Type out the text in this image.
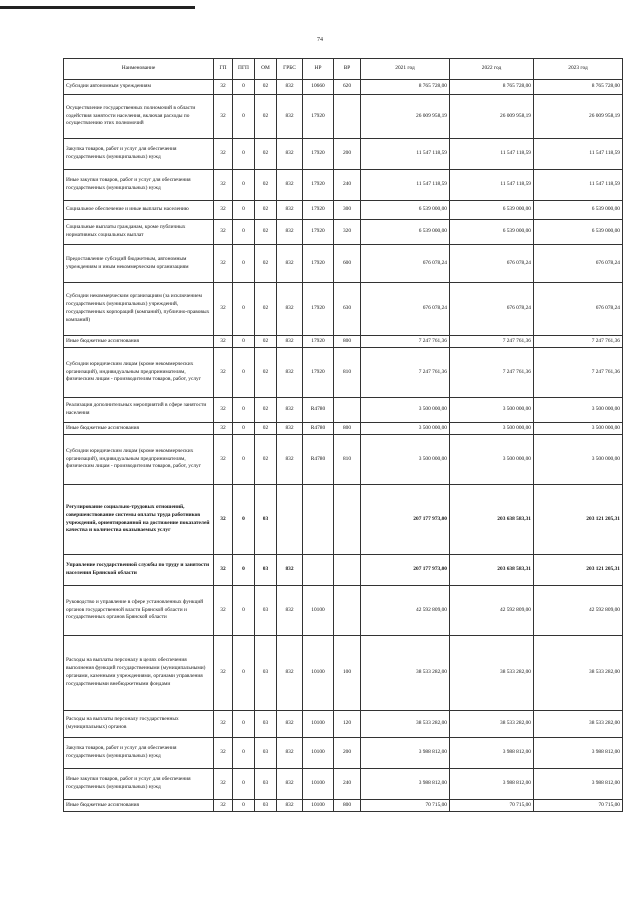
74
Наименование	ГП	ПГП	ОМ	ГРБС	НР	ВР	2021 год	2022 год	2023 год
Субсидии автономным учреждениям	32	0	02	832	10660	620	8 765 728,00	8 765 728,00	8 765 728,00
Осуществление государственных полномочий в области содействия занятости населения, включая расходы по осуществлению этих полномочий	32	0	02	832	17920		26 009 958,19	26 009 958,19	26 009 958,19
Закупка товаров, работ и услуг для обеспечения государственных (муниципальных) нужд	32	0	02	832	17920	200	11 547 118,59	11 547 118,59	11 547 118,59
Иные закупки товаров, работ и услуг для обеспечения государственных (муниципальных) нужд	32	0	02	832	17920	240	11 547 118,59	11 547 118,59	11 547 118,59
Социальное обеспечение и иные выплаты населению	32	0	02	832	17920	300	6 539 000,00	6 539 000,00	6 539 000,00
Социальные выплаты гражданам, кроме публичных нормативных социальных выплат	32	0	02	832	17920	320	6 539 000,00	6 539 000,00	6 539 000,00
Предоставление субсидий бюджетным, автономным учреждениям и иным некоммерческим организациям	32	0	02	832	17920	600	676 078,24	676 078,24	676 078,24
Субсидии некоммерческим организациям (за исключением государственных (муниципальных) учреждений, государственных корпораций (компаний), публично-правовых компаний)	32	0	02	832	17920	630	676 078,24	676 078,24	676 078,24
Иные бюджетные ассигнования	32	0	02	832	17920	800	7 247 761,36	7 247 761,36	7 247 761,36
Субсидии юридическим лицам (кроме некоммерческих организаций), индивидуальным предпринимателям, физическим лицам - производителям товаров, работ, услуг	32	0	02	832	17920	810	7 247 761,36	7 247 761,36	7 247 761,36
Реализация дополнительных мероприятий в сфере занятости населения	32	0	02	832	R4780		3 500 000,00	3 500 000,00	3 500 000,00
Иные бюджетные ассигнования	32	0	02	832	R4780	800	3 500 000,00	3 500 000,00	3 500 000,00
Субсидии юридическим лицам (кроме некоммерческих организаций), индивидуальным предпринимателям, физическим лицам - производителям товаров, работ, услуг	32	0	02	832	R4780	810	3 500 000,00	3 500 000,00	3 500 000,00
Регулирование социально-трудовых отношений, совершенствование системы оплаты труда работников учреждений, ориентированной на достижение показателей качества и количества оказываемых услуг	32	0	03				207 177 973,00	203 638 583,31	203 121 205,31
Управление государственной службы по труду и занятости населения Брянской области	32	0	03	832			207 177 973,00	203 638 583,31	203 121 205,31
Руководство и управление в сфере установленных функций органов государственной власти Брянской области и государственных органов Брянской области	32	0	03	832	10100		42 592 809,00	42 592 809,00	42 592 809,00
Расходы на выплаты персоналу в целях обеспечения выполнения функций государственными (муниципальными) органами, казенными учреждениями, органами управления государственными внебюджетными фондами	32	0	03	832	10100	100	38 533 282,00	38 533 282,00	38 533 282,00
Расходы на выплаты персоналу государственных (муниципальных) органов	32	0	03	832	10100	120	38 533 282,00	38 533 282,00	38 533 282,00
Закупка товаров, работ и услуг для обеспечения государственных (муниципальных) нужд	32	0	03	832	10100	200	3 988 812,00	3 988 812,00	3 988 812,00
Иные закупки товаров, работ и услуг для обеспечения государственных (муниципальных) нужд	32	0	03	832	10100	240	3 988 812,00	3 988 812,00	3 988 812,00
Иные бюджетные ассигнования	32	0	03	832	10100	800	70 715,00	70 715,00	70 715,00
